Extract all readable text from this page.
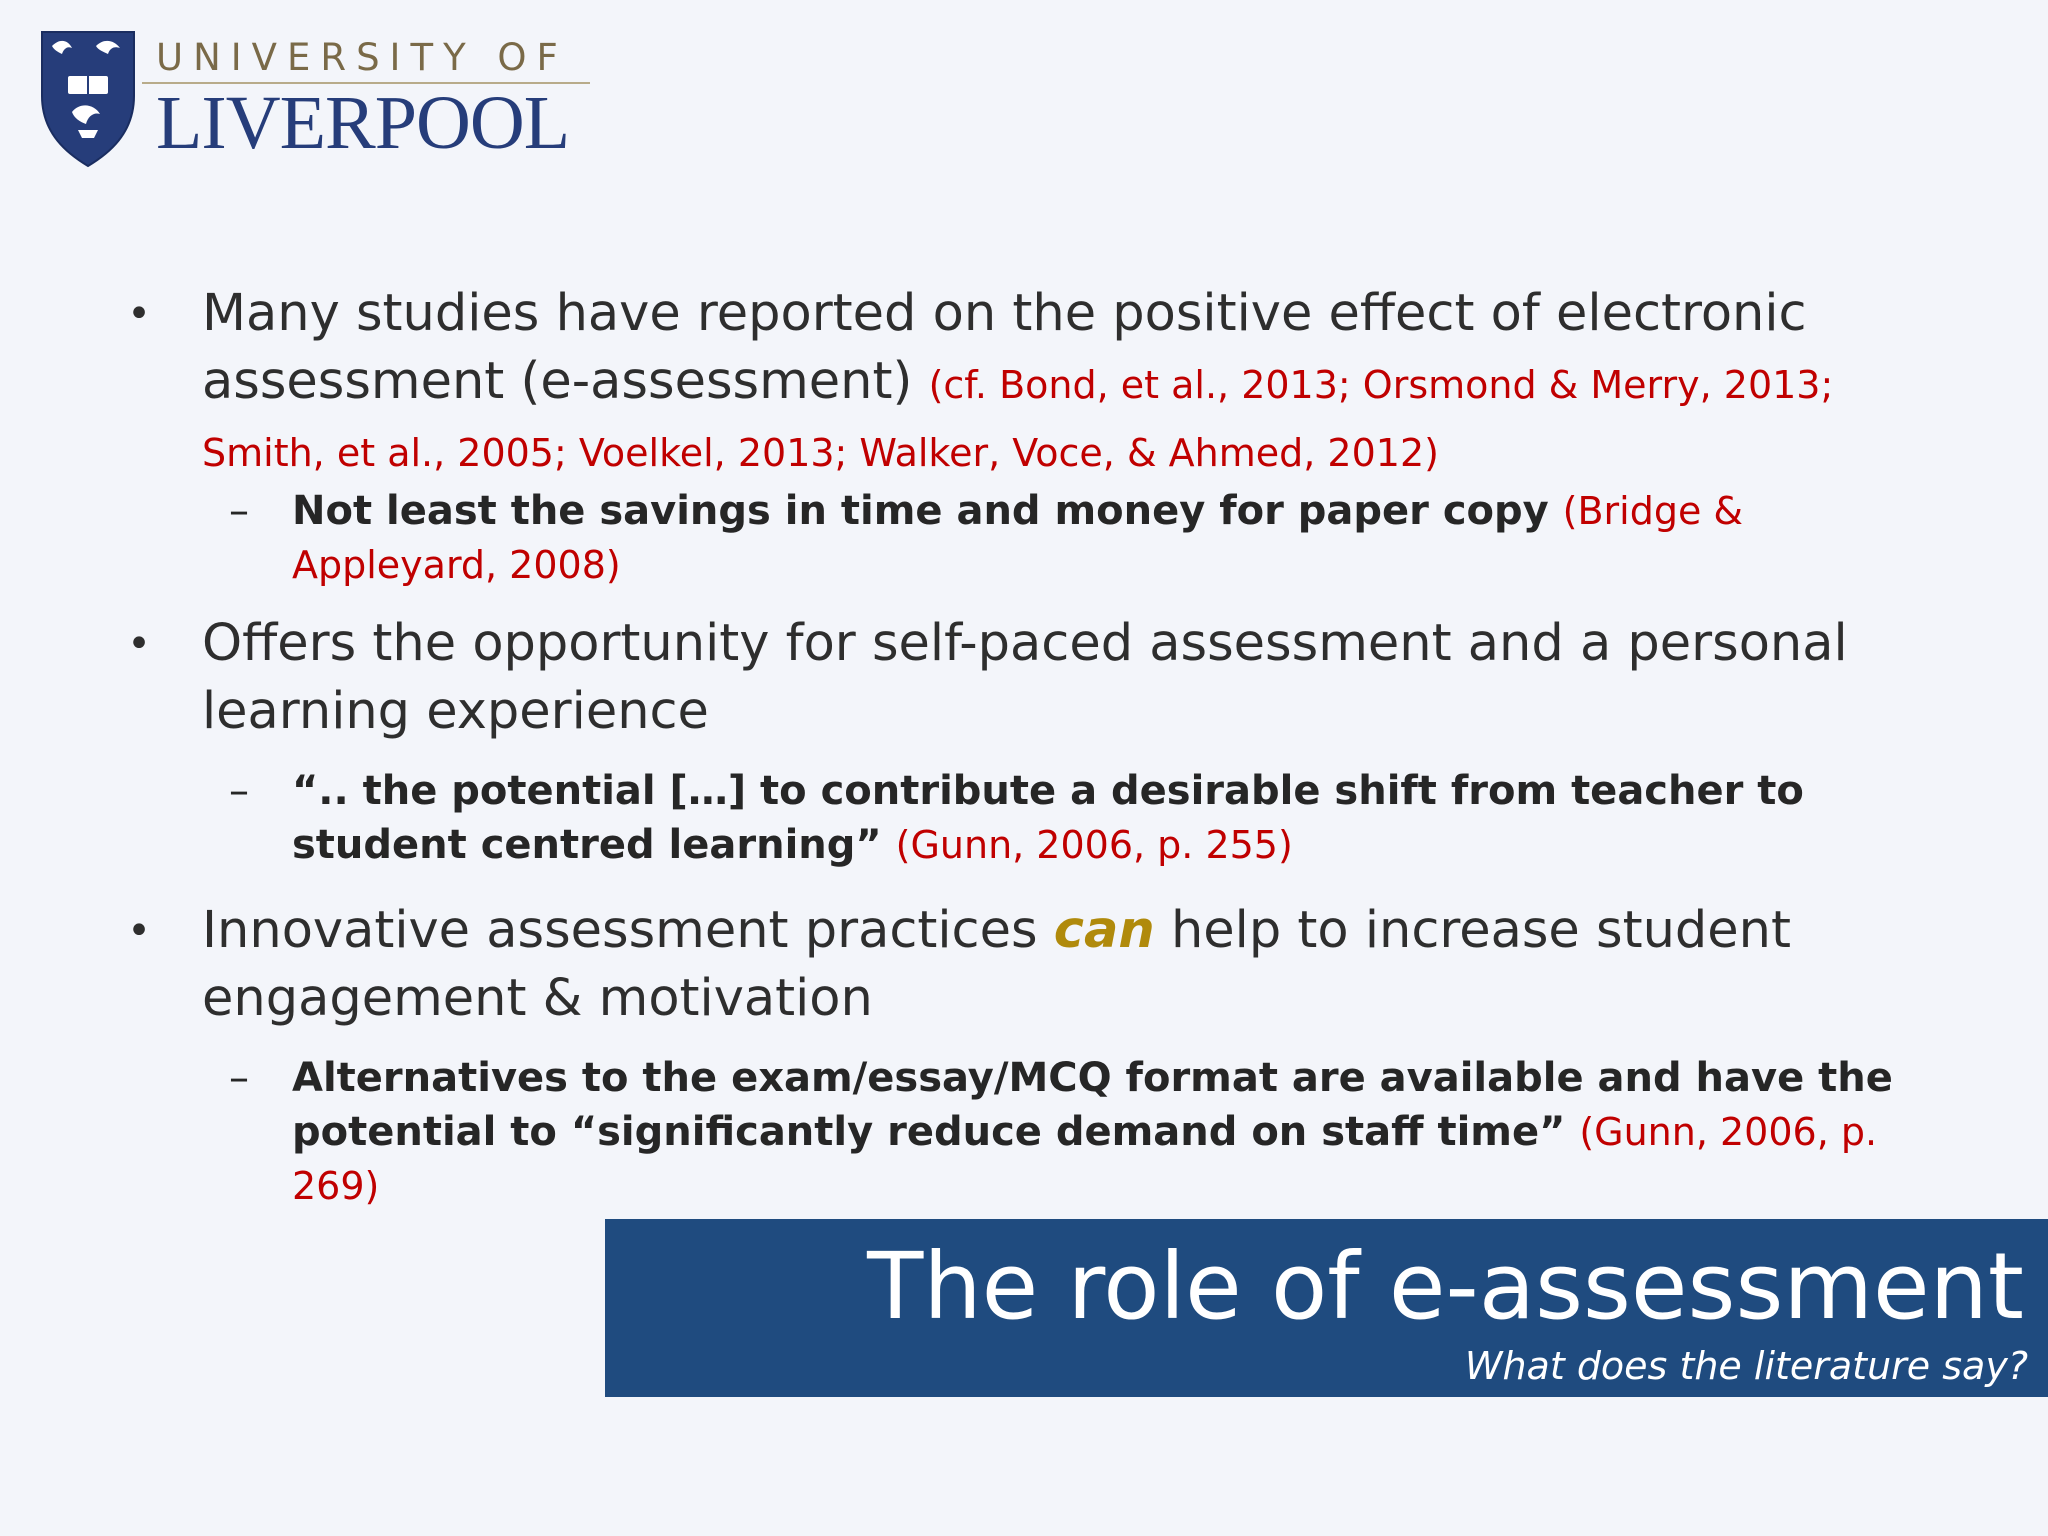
UNIVERSITY OF
LIVERPOOL
• Many studies have reported on the positive effect of electronic assessment (e-assessment) (cf. Bond, et al., 2013; Orsmond & Merry, 2013; Smith, et al., 2005; Voelkel, 2013; Walker, Voce, & Ahmed, 2012)
– Not least the savings in time and money for paper copy (Bridge & Appleyard, 2008)
• Offers the opportunity for self-paced assessment and a personal learning experience
– “.. the potential […] to contribute a desirable shift from teacher to student centred learning” (Gunn, 2006, p. 255)
• Innovative assessment practices can help to increase student engagement & motivation
– Alternatives to the exam/essay/MCQ format are available and have the potential to “significantly reduce demand on staff time” (Gunn, 2006, p. 269)
The role of e-assessment
What does the literature say?
